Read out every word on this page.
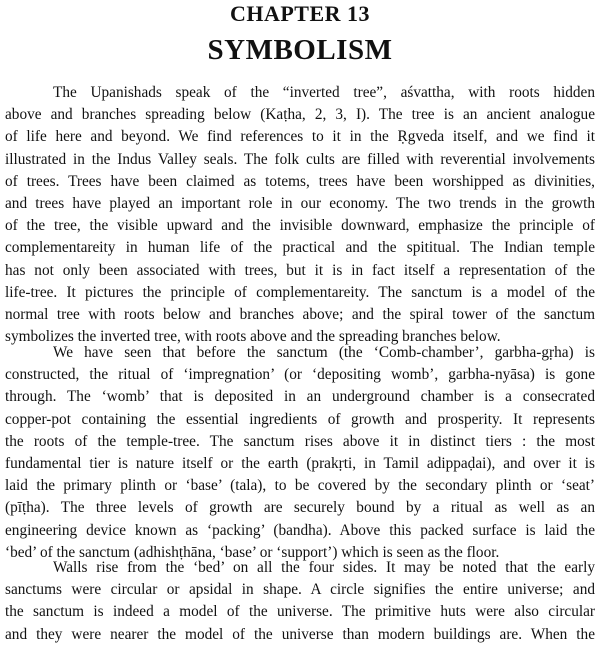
CHAPTER 13
SYMBOLISM
The Upanishads speak of the “inverted tree”, aśvattha, with roots hidden
above and branches spreading below (Kaṭha, 2, 3, I). The tree is an ancient analogue
of life here and beyond. We find references to it in the Ṛgveda itself, and we find it
illustrated in the Indus Valley seals. The folk cults are filled with reverential involvements
of trees. Trees have been claimed as totems, trees have been worshipped as divinities,
and trees have played an important role in our economy. The two trends in the growth
of the tree, the visible upward and the invisible downward, emphasize the principle of
complementareity in human life of the practical and the spititual. The Indian temple
has not only been associated with trees, but it is in fact itself a representation of the
life-tree. It pictures the principle of complementareity. The sanctum is a model of the
normal tree with roots below and branches above; and the spiral tower of the sanctum
symbolizes the inverted tree, with roots above and the spreading branches below.
We have seen that before the sanctum (the ‘Comb-chamber’, garbha-gṛha) is
constructed, the ritual of ‘impregnation’ (or ‘depositing womb’, garbha-nyāsa) is gone
through. The ‘womb’ that is deposited in an underground chamber is a consecrated
copper-pot containing the essential ingredients of growth and prosperity. It represents
the roots of the temple-tree. The sanctum rises above it in distinct tiers : the most
fundamental tier is nature itself or the earth (prakṛti, in Tamil adippaḍai), and over it is
laid the primary plinth or ‘base’ (tala), to be covered by the secondary plinth or ‘seat’
(pīṭha). The three levels of growth are securely bound by a ritual as well as an
engineering device known as ‘packing’ (bandha). Above this packed surface is laid the
‘bed’ of the sanctum (adhishṭhāna, ‘base’ or ‘support’) which is seen as the floor.
Walls rise from the ‘bed’ on all the four sides. It may be noted that the early
sanctums were circular or apsidal in shape. A circle signifies the entire universe; and
the sanctum is indeed a model of the universe. The primitive huts were also circular
and they were nearer the model of the universe than modern buildings are. When the
